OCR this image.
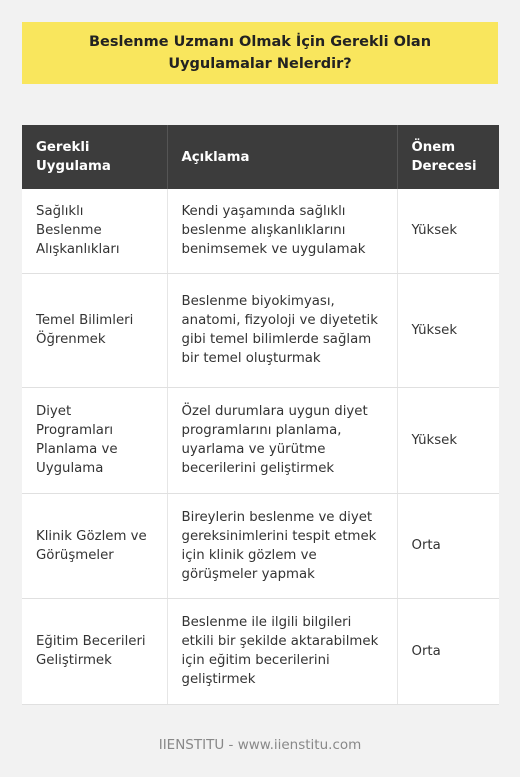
Beslenme Uzmanı Olmak İçin Gerekli Olan Uygulamalar Nelerdir?
Gerekli Uygulama	Açıklama	Önem Derecesi
Sağlıklı Beslenme Alışkanlıkları	Kendi yaşamında sağlıklı beslenme alışkanlıklarını benimsemek ve uygulamak	Yüksek
Temel Bilimleri Öğrenmek	Beslenme biyokimyası, anatomi, fizyoloji ve diyetetik gibi temel bilimlerde sağlam bir temel oluşturmak	Yüksek
Diyet Programları Planlama ve Uygulama	Özel durumlara uygun diyet programlarını planlama, uyarlama ve yürütme becerilerini geliştirmek	Yüksek
Klinik Gözlem ve Görüşmeler	Bireylerin beslenme ve diyet gereksinimlerini tespit etmek için klinik gözlem ve görüşmeler yapmak	Orta
Eğitim Becerileri Geliştirmek	Beslenme ile ilgili bilgileri etkili bir şekilde aktarabilmek için eğitim becerilerini geliştirmek	Orta
IIENSTITU - www.iienstitu.com
